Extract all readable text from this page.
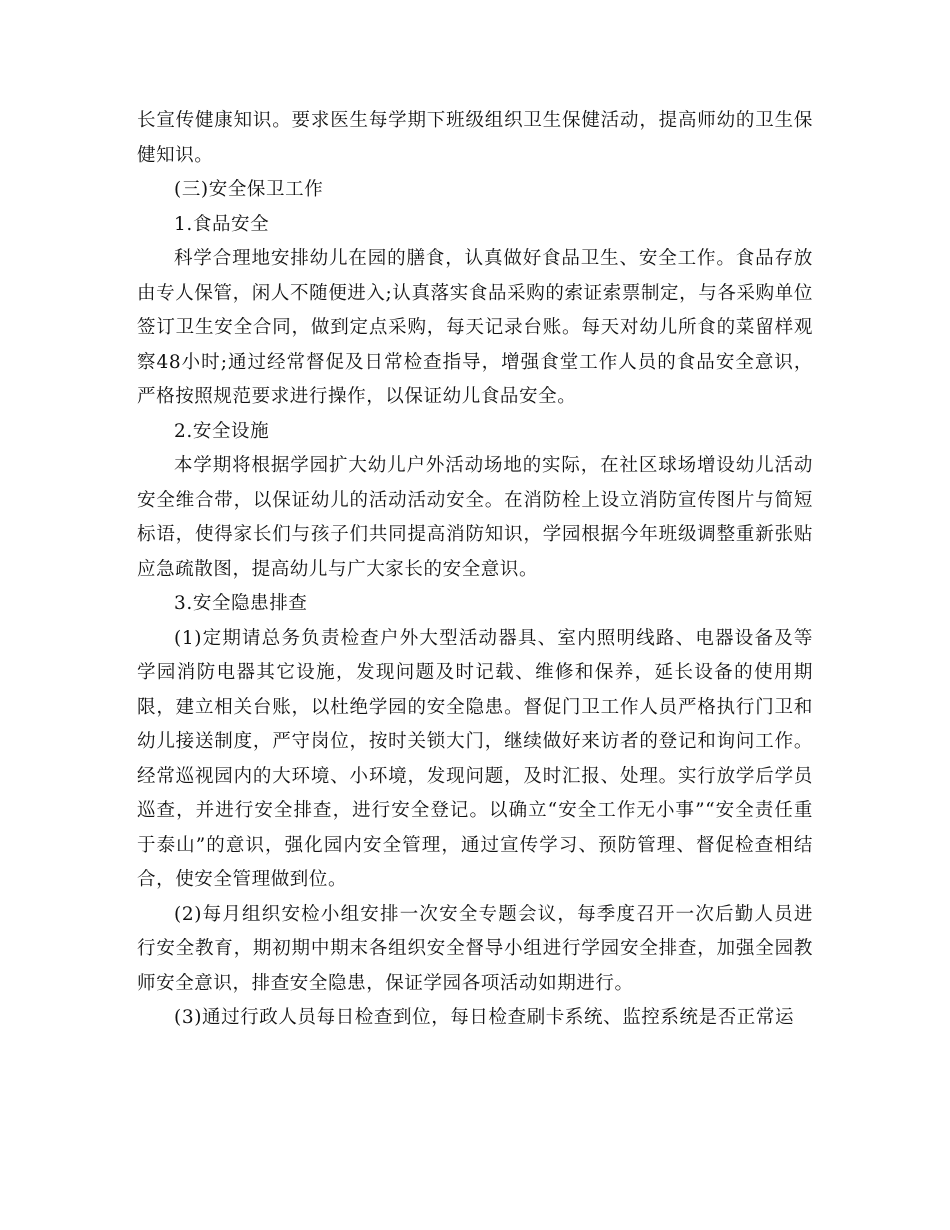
长宣传健康知识。要求医生每学期下班级组织卫生保健活动，提高师幼的卫生保健知识。

(三)安全保卫工作

1.食品安全

科学合理地安排幼儿在园的膳食，认真做好食品卫生、安全工作。食品存放由专人保管，闲人不随便进入;认真落实食品采购的索证索票制定，与各采购单位签订卫生安全合同，做到定点采购，每天记录台账。每天对幼儿所食的菜留样观察48小时;通过经常督促及日常检查指导，增强食堂工作人员的食品安全意识，严格按照规范要求进行操作，以保证幼儿食品安全。

2.安全设施

本学期将根据学园扩大幼儿户外活动场地的实际，在社区球场增设幼儿活动安全维合带，以保证幼儿的活动活动安全。在消防栓上设立消防宣传图片与简短标语，使得家长们与孩子们共同提高消防知识，学园根据今年班级调整重新张贴应急疏散图，提高幼儿与广大家长的安全意识。

3.安全隐患排查

(1)定期请总务负责检查户外大型活动器具、室内照明线路、电器设备及等学园消防电器其它设施，发现问题及时记载、维修和保养，延长设备的使用期限，建立相关台账，以杜绝学园的安全隐患。督促门卫工作人员严格执行门卫和幼儿接送制度，严守岗位，按时关锁大门，继续做好来访者的登记和询问工作。经常巡视园内的大环境、小环境，发现问题，及时汇报、处理。实行放学后学员巡查，并进行安全排查，进行安全登记。以确立“安全工作无小事”“安全责任重于泰山”的意识，强化园内安全管理，通过宣传学习、预防管理、督促检查相结合，使安全管理做到位。

(2)每月组织安检小组安排一次安全专题会议，每季度召开一次后勤人员进行安全教育，期初期中期末各组织安全督导小组进行学园安全排查，加强全园教师安全意识，排查安全隐患，保证学园各项活动如期进行。

(3)通过行政人员每日检查到位，每日检查刷卡系统、监控系统是否正常运
